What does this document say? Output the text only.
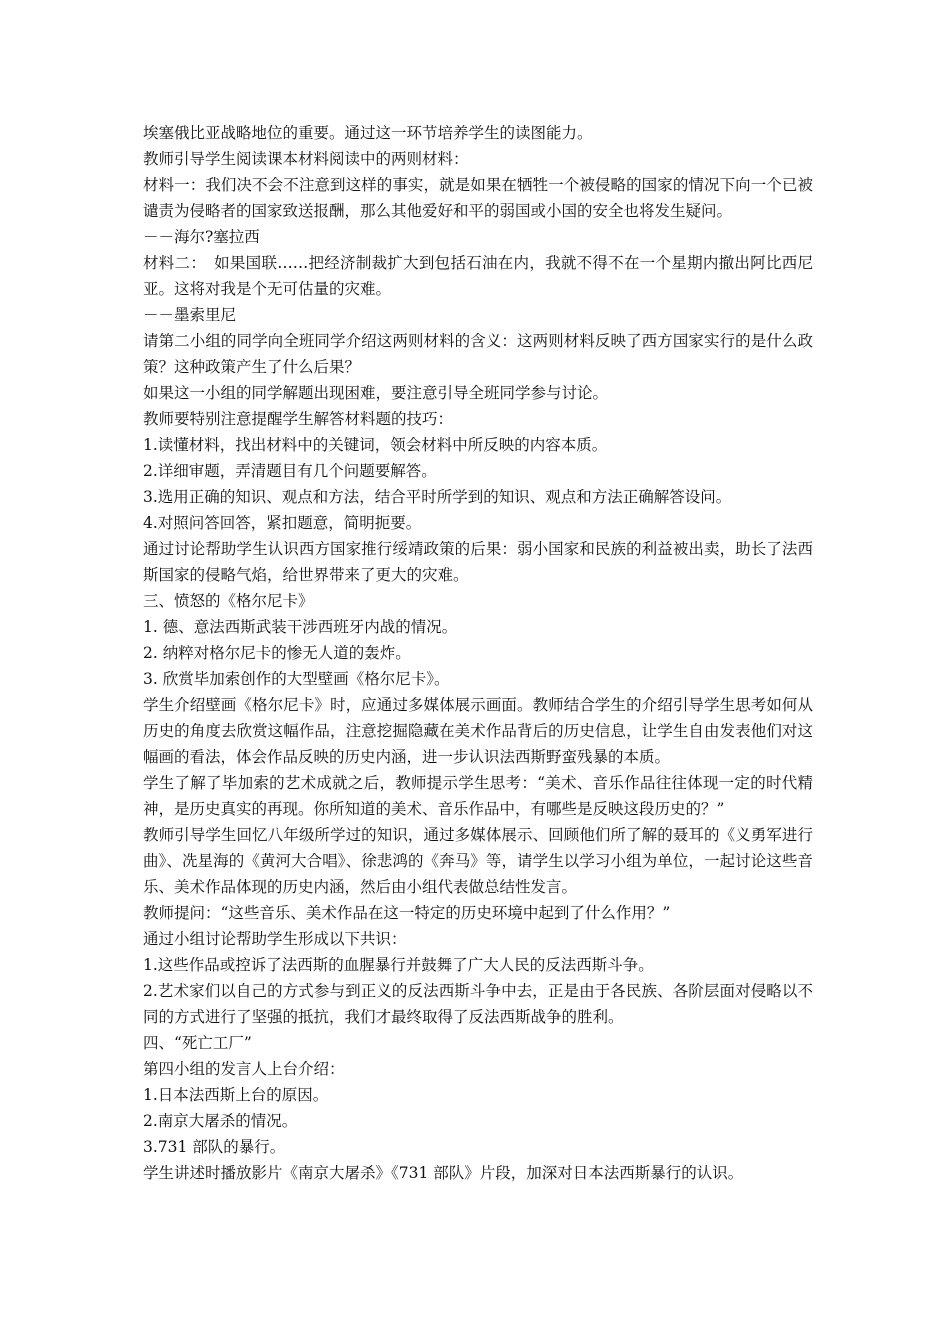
埃塞俄比亚战略地位的重要。通过这一环节培养学生的读图能力。

教师引导学生阅读课本材料阅读中的两则材料：

材料一：我们决不会不注意到这样的事实，就是如果在牺牲一个被侵略的国家的情况下向一个已被谴责为侵略者的国家致送报酬，那么其他爱好和平的弱国或小国的安全也将发生疑问。

－－海尔?塞拉西

材料二：　如果国联……把经济制裁扩大到包括石油在内，我就不得不在一个星期内撤出阿比西尼亚。这将对我是个无可估量的灾难。

－－墨索里尼

请第二小组的同学向全班同学介绍这两则材料的含义：这两则材料反映了西方国家实行的是什么政策？这种政策产生了什么后果？

如果这一小组的同学解题出现困难，要注意引导全班同学参与讨论。

教师要特别注意提醒学生解答材料题的技巧：

1.读懂材料，找出材料中的关键词，领会材料中所反映的内容本质。

2.详细审题，弄清题目有几个问题要解答。

3.选用正确的知识、观点和方法，结合平时所学到的知识、观点和方法正确解答设问。

4.对照问答回答，紧扣题意，简明扼要。

通过讨论帮助学生认识西方国家推行绥靖政策的后果：弱小国家和民族的利益被出卖，助长了法西斯国家的侵略气焰，给世界带来了更大的灾难。

三、愤怒的《格尔尼卡》

1. 德、意法西斯武装干涉西班牙内战的情况。

2. 纳粹对格尔尼卡的惨无人道的轰炸。

3. 欣赏毕加索创作的大型壁画《格尔尼卡》。

学生介绍壁画《格尔尼卡》时，应通过多媒体展示画面。教师结合学生的介绍引导学生思考如何从历史的角度去欣赏这幅作品，注意挖掘隐藏在美术作品背后的历史信息，让学生自由发表他们对这幅画的看法，体会作品反映的历史内涵，进一步认识法西斯野蛮残暴的本质。

学生了解了毕加索的艺术成就之后，教师提示学生思考：“美术、音乐作品往往体现一定的时代精神，是历史真实的再现。你所知道的美术、音乐作品中，有哪些是反映这段历史的？”

教师引导学生回忆八年级所学过的知识，通过多媒体展示、回顾他们所了解的聂耳的《义勇军进行曲》、冼星海的《黄河大合唱》、徐悲鸿的《奔马》等，请学生以学习小组为单位，一起讨论这些音乐、美术作品体现的历史内涵，然后由小组代表做总结性发言。

教师提问：“这些音乐、美术作品在这一特定的历史环境中起到了什么作用？”

通过小组讨论帮助学生形成以下共识：

1.这些作品或控诉了法西斯的血腥暴行并鼓舞了广大人民的反法西斯斗争。

2.艺术家们以自己的方式参与到正义的反法西斯斗争中去，正是由于各民族、各阶层面对侵略以不同的方式进行了坚强的抵抗，我们才最终取得了反法西斯战争的胜利。

四、“死亡工厂”

第四小组的发言人上台介绍：

1.日本法西斯上台的原因。

2.南京大屠杀的情况。

3.731 部队的暴行。

学生讲述时播放影片《南京大屠杀》《731 部队》片段，加深对日本法西斯暴行的认识。
